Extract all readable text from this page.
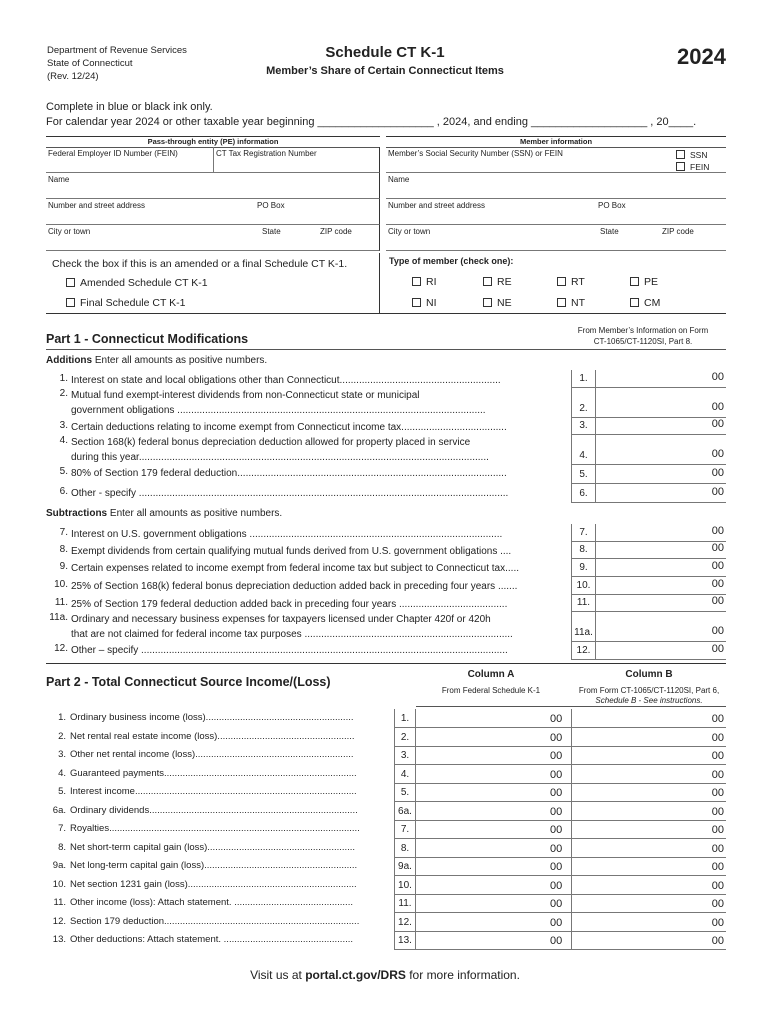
Department of Revenue Services
State of Connecticut
(Rev. 12/24)
Schedule CT K-1
Member’s Share of Certain Connecticut Items
2024
Complete in blue or black ink only.
For calendar year 2024 or other taxable year beginning ___________________ , 2024, and ending ___________________ , 20____.
Pass-through entity (PE) information	Member information
Federal Employer ID Number (FEIN)	CT Tax Registration Number
Name
Number and street address	PO Box
City or town	State	ZIP code
Member’s Social Security Number (SSN) or FEIN	SSN
FEIN
Name
Number and street address	PO Box
City or town	State	ZIP code
Check the box if this is an amended or a final Schedule CT K-1.
Amended Schedule CT K-1
Final Schedule CT K-1
Type of member (check one):
RI	RE	RT	PE
NI	NE	NT	CM
Part 1 - Connecticut Modifications
From Member’s Information on Form
CT-1065/CT-1120SI, Part 8.
Additions Enter all amounts as positive numbers.
1. Interest on state and local obligations other than Connecticut..........................................................	1.	00
2. Mutual fund exempt-interest dividends from non-Connecticut state or municipal
government obligations ...............................................................................................................	2.	00
3. Certain deductions relating to income exempt from Connecticut income tax......................................	3.	00
4. Section 168(k) federal bonus depreciation deduction allowed for property placed in service
during this year..............................................................................................................................	4.	00
5. 80% of Section 179 federal deduction.................................................................................................	5.	00
6. Other - specify .....................................................................................................................................	6.	00
7. Interest on U.S. government obligations ...........................................................................................	7.	00
8. Exempt dividends from certain qualifying mutual funds derived from U.S. government obligations ....	8.	00
9. Certain expenses related to income exempt from federal income tax but subject to Connecticut tax.....	9.	00
10. 25% of Section 168(k) federal bonus depreciation deduction added back in preceding four years .......	10.	00
11. 25% of Section 179 federal deduction added back in preceding four years .......................................	11.	00
11a. Ordinary and necessary business expenses for taxpayers licensed under Chapter 420f or 420h
that are not claimed for federal income tax purposes ...........................................................................	11a.	00
12. Other – specify ....................................................................................................................................	12.	00
Subtractions Enter all amounts as positive numbers.
Part 2 - Total Connecticut Source Income/(Loss)
Column A
From Federal Schedule K-1
Column B
From Form CT-1065/CT-1120SI, Part 6,
Schedule B - See instructions.
1. Ordinary business income (loss)........................................................	1.	00	00
2. Net rental real estate income (loss)....................................................	2.	00	00
3. Other net rental income (loss)............................................................	3.	00	00
4. Guaranteed payments.........................................................................	4.	00	00
5. Interest income....................................................................................	5.	00	00
6a. Ordinary dividends...............................................................................	6a.	00	00
7. Royalties...............................................................................................	7.	00	00
8. Net short-term capital gain (loss)........................................................	8.	00	00
9a. Net long-term capital gain (loss)..........................................................	9a.	00	00
10. Net section 1231 gain (loss)................................................................	10.	00	00
11. Other income (loss): Attach statement. .............................................	11.	00	00
12. Section 179 deduction..........................................................................	12.	00	00
13. Other deductions: Attach statement. .................................................	13.	00	00
Visit us at portal.ct.gov/DRS for more information.
